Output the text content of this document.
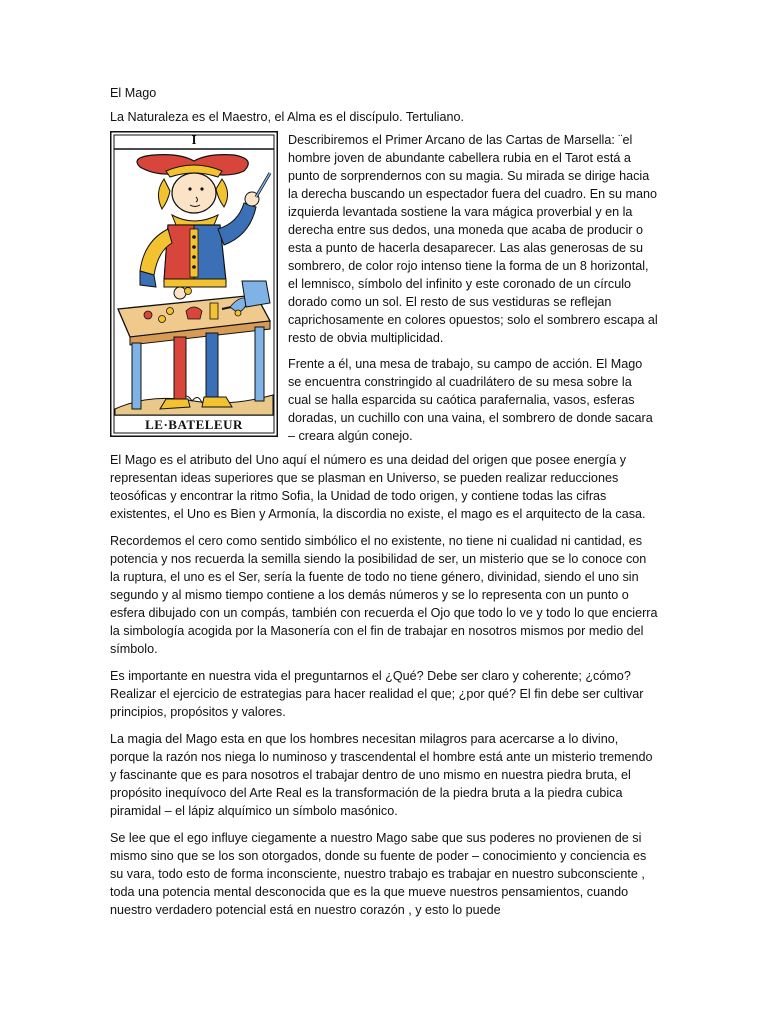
El Mago

La Naturaleza es el Maestro, el Alma es el discípulo. Tertuliano.

I
LE·BATELEUR

Describiremos el Primer Arcano de las Cartas de Marsella: ¨el hombre joven de abundante cabellera rubia en el Tarot está a punto de sorprendernos con su magia. Su mirada se dirige hacia la derecha buscando un espectador fuera del cuadro. En su mano izquierda levantada sostiene la vara mágica proverbial y en la derecha entre sus dedos, una moneda que acaba de producir o esta a punto de hacerla desaparecer. Las alas generosas de su sombrero, de color rojo intenso tiene la forma de un 8 horizontal, el lemnisco, símbolo del infinito y este coronado de un círculo dorado como un sol. El resto de sus vestiduras se reflejan caprichosamente en colores opuestos; solo el sombrero escapa al resto de obvia multiplicidad.

Frente a él, una mesa de trabajo, su campo de acción. El Mago se encuentra constringido al cuadrilátero de su mesa sobre la cual se halla esparcida su caótica parafernalia, vasos, esferas doradas, un cuchillo con una vaina, el sombrero de donde sacara – creara algún conejo.

El Mago es el atributo del Uno aquí el número es una deidad del origen que posee energía y representan ideas superiores que se plasman en Universo, se pueden realizar reducciones teosóficas y encontrar la ritmo Sofia, la Unidad de todo origen, y contiene todas las cifras existentes, el Uno es Bien y Armonía, la discordia no existe, el mago es el arquitecto de la casa.

Recordemos el cero como sentido simbólico el no existente, no tiene ni cualidad ni cantidad, es potencia y nos recuerda la semilla siendo la posibilidad de ser, un misterio que se lo conoce con la ruptura, el uno es el Ser, sería la fuente de todo no tiene género, divinidad, siendo el uno sin segundo y al mismo tiempo contiene a los demás números y se lo representa con un punto o esfera dibujado con un compás, también con recuerda el Ojo que todo lo ve y todo lo que encierra la simbología acogida por la Masonería con el fin de trabajar en nosotros mismos por medio del símbolo.

Es importante en nuestra vida el preguntarnos el ¿Qué? Debe ser claro y coherente; ¿cómo? Realizar el ejercicio de estrategias para hacer realidad el que; ¿por qué? El fin debe ser cultivar principios, propósitos y valores.

La magia del Mago esta en que los hombres necesitan milagros para acercarse a lo divino, porque la razón nos niega lo numinoso y trascendental el hombre está ante un misterio tremendo y fascinante que es para nosotros el trabajar dentro de uno mismo en nuestra piedra bruta, el propósito inequívoco del Arte Real es la transformación de la piedra bruta a la piedra cubica piramidal – el lápiz alquímico un símbolo masónico.

Se lee que el ego influye ciegamente a nuestro Mago sabe que sus poderes no provienen de si mismo sino que se los son otorgados, donde su fuente de poder – conocimiento y conciencia es su vara, todo esto de forma inconsciente, nuestro trabajo es trabajar en nuestro subconsciente , toda una potencia mental desconocida que es la que mueve nuestros pensamientos, cuando nuestro verdadero potencial está en nuestro corazón , y esto lo puede
